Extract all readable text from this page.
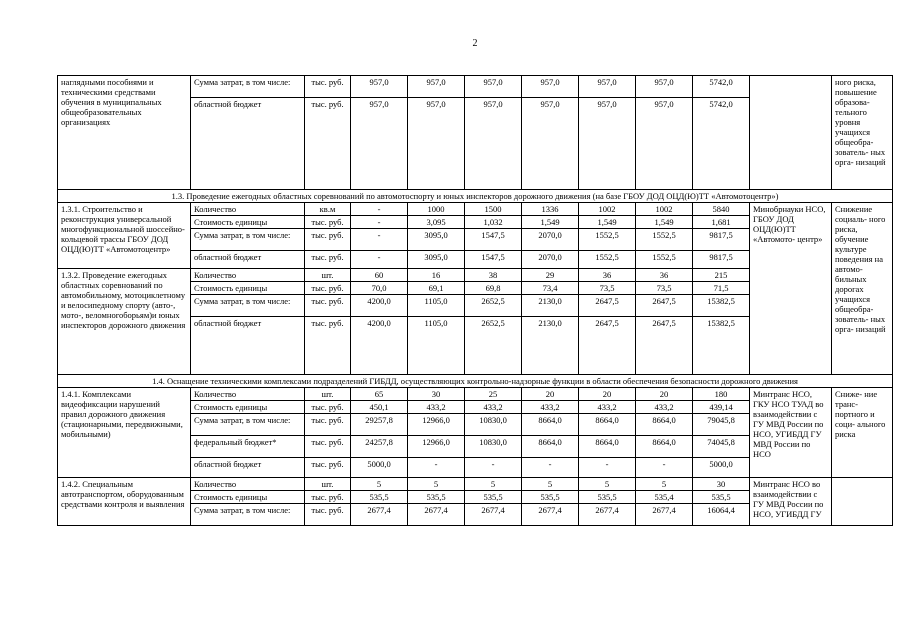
2
наглядными пособиями и техническими средствами обучения в муниципальных общеобразовательных организациях	Сумма затрат, в том числе:	тыс. руб.	957,0	957,0	957,0	957,0	957,0	957,0	5742,0		ного риска, повышение образова- тельного уровня учащихся общеобра- зователь- ных орга- низаций
	областной бюджет	тыс. руб.	957,0	957,0	957,0	957,0	957,0	957,0	5742,0		
1.3. Проведение ежегодных областных соревнований по автомотоспорту и юных инспекторов дорожного движения (на базе ГБОУ ДОД ОЦД(Ю)ТТ «Автомотоцентр»)											
1.3.1. Строительство и реконструкция универсальной многофункциональной шоссейно-кольцевой трассы ГБОУ ДОД ОЦД(Ю)ТТ «Автомотоцентр»	Количество	кв.м	-	1000	1500	1336	1002	1002	5840	Минобрнауки НСО, ГБОУ ДОД ОЦД(Ю)ТТ «Автомото- центр»	Снижение социаль- ного риска, обучение культуре поведения на автомо- бильных дорогах учащихся общеобра- зователь- ных орга- низаций
	Стоимость единицы	тыс. руб.	-	3,095	1,032	1,549	1,549	1,549	1,681		
	Сумма затрат, в том числе:	тыс. руб.	-	3095,0	1547,5	2070,0	1552,5	1552,5	9817,5		
	областной бюджет	тыс. руб.	-	3095,0	1547,5	2070,0	1552,5	1552,5	9817,5		
1.3.2. Проведение ежегодных областных соревнований по автомобильному, мотоциклетному и велосипедному спорту (авто-, мото-, веломногоборьям)и юных инспекторов дорожного движения	Количество	шт.	60	16	38	29	36	36	215		
	Стоимость единицы	тыс. руб.	70,0	69,1	69,8	73,4	73,5	73,5	71,5		
	Сумма затрат, в том числе:	тыс. руб.	4200,0	1105,0	2652,5	2130,0	2647,5	2647,5	15382,5		
	областной бюджет	тыс. руб.	4200,0	1105,0	2652,5	2130,0	2647,5	2647,5	15382,5		
1.4. Оснащение техническими комплексами подразделений ГИБДД, осуществляющих контрольно-надзорные функции в области обеспечения безопасности дорожного движения											
1.4.1. Комплексами видеофиксации нарушений правил дорожного движения (стационарными, передвижными, мобильными)	Количество	шт.	65	30	25	20	20	20	180	Минтранс НСО, ГКУ НСО ТУАД во взаимодействии с ГУ МВД России по НСО, УГИБДД ГУ МВД России по НСО	Сниже- ние транс- портного и соци- ального риска
	Стоимость единицы	тыс. руб.	450,1	433,2	433,2	433,2	433,2	433,2	439,14		
	Сумма затрат, в том числе:	тыс. руб.	29257,8	12966,0	10830,0	8664,0	8664,0	8664,0	79045,8		
	федеральный бюджет*	тыс. руб.	24257,8	12966,0	10830,0	8664,0	8664,0	8664,0	74045,8		
	областной бюджет	тыс. руб.	5000,0	-	-	-	-	-	5000,0		
1.4.2. Специальным автотранспортом, оборудованным средствами контроля и выявления	Количество	шт.	5	5	5	5	5	5	30	Минтранс НСО во взаимодействии с ГУ МВД России по НСО, УГИБДД ГУ	
	Стоимость единицы	тыс. руб.	535,5	535,5	535,5	535,5	535,5	535,4	535,5		
	Сумма затрат, в том числе:	тыс. руб.	2677,4	2677,4	2677,4	2677,4	2677,4	2677,4	16064,4		
